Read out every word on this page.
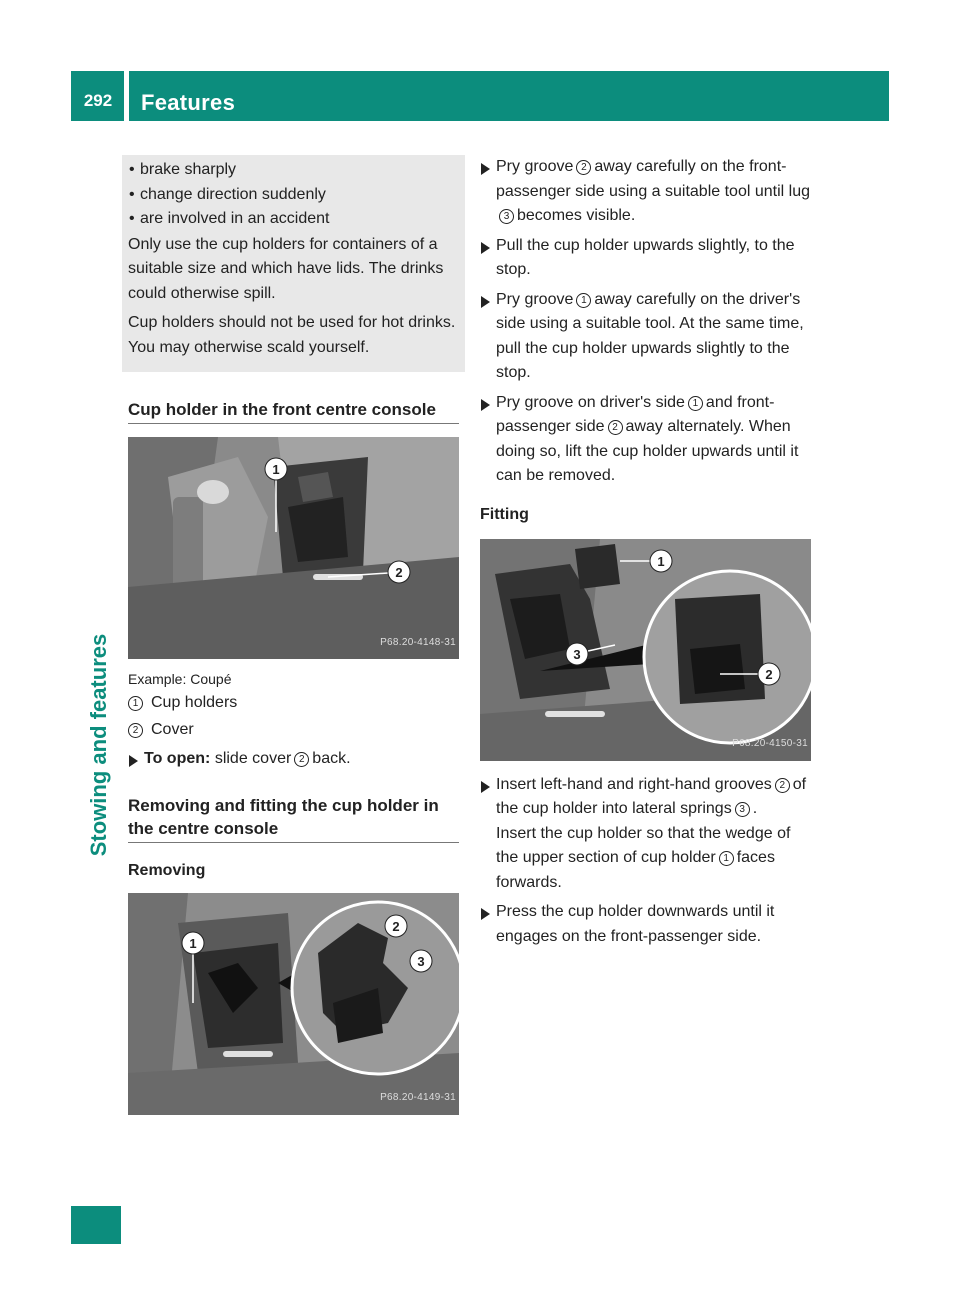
292	Features
Stowing and features

• brake sharply

• change direction suddenly

• are involved in an accident

Only use the cup holders for containers of a suitable size and which have lids. The drinks could otherwise spill.

Cup holders should not be used for hot drinks. You may otherwise scald yourself.

Cup holder in the front centre console
1
2
P68.20-4148-31

Example: Coupé

1 Cup holders

2 Cover

To open: slide cover 2 back.

Removing and fitting the cup holder in the centre console
Removing
1
2
3
P68.20-4149-31

Pry groove 2 away carefully on the front-passenger side using a suitable tool until lug3 becomes visible.

Pull the cup holder upwards slightly, to the stop.

Pry groove 1 away carefully on the driver's side using a suitable tool. At the same time, pull the cup holder upwards slightly to the stop.

Pry groove on driver's side 1 and front-passenger side 2 away alternately. When doing so, lift the cup holder upwards until it can be removed.

Fitting
1
2
3
P68.20-4150-31

Insert left-hand and right-hand grooves 2 of the cup holder into lateral springs 3 .

Insert the cup holder so that the wedge of the upper section of cup holder 1 faces forwards.

Press the cup holder downwards until it engages on the front-passenger side.
